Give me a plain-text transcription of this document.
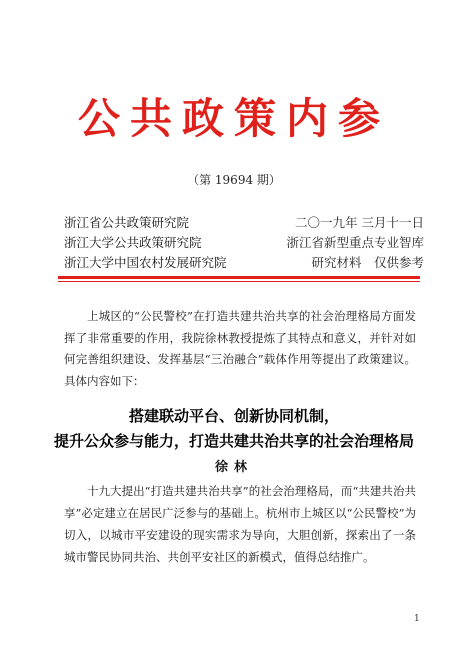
公共政策内参
（第 19694 期）
浙江省公共政策研究院	二〇一九年 三月十一日
浙江大学公共政策研究院	浙江省新型重点专业智库
浙江大学中国农村发展研究院	研究材料　仅供参考

上城区的“公民警校”在打造共建共治共享的社会治理格局方面发挥了非常重要的作用，我院徐林教授提炼了其特点和意义，并针对如何完善组织建设、发挥基层“三治融合”载体作用等提出了政策建议。具体内容如下：

搭建联动平台、创新协同机制，
提升公众参与能力，打造共建共治共享的社会治理格局
徐林

十九大提出“打造共建共治共享”的社会治理格局，而“共建共治共享”必定建立在居民广泛参与的基础上。杭州市上城区以“公民警校”为切入，以城市平安建设的现实需求为导向，大胆创新，探索出了一条城市警民协同共治、共创平安社区的新模式，值得总结推广。

1
